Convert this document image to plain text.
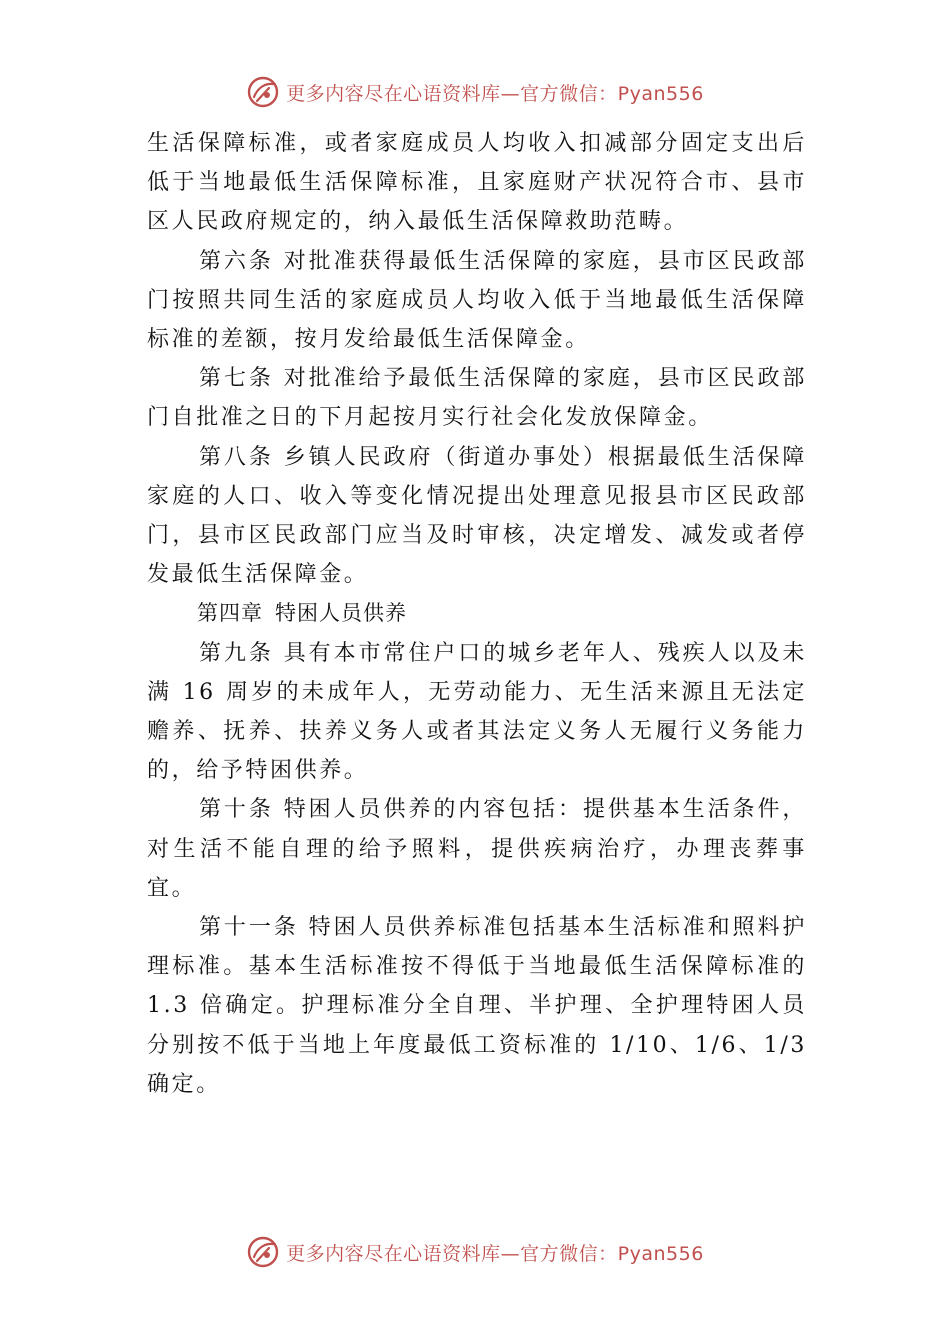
更多内容尽在心语资料库—官方微信：Pyan556

生活保障标准，或者家庭成员人均收入扣减部分固定支出后低于当地最低生活保障标准，且家庭财产状况符合市、县市区人民政府规定的，纳入最低生活保障救助范畴。

第六条 对批准获得最低生活保障的家庭，县市区民政部门按照共同生活的家庭成员人均收入低于当地最低生活保障标准的差额，按月发给最低生活保障金。

第七条 对批准给予最低生活保障的家庭，县市区民政部门自批准之日的下月起按月实行社会化发放保障金。

第八条 乡镇人民政府（街道办事处）根据最低生活保障家庭的人口、收入等变化情况提出处理意见报县市区民政部门，县市区民政部门应当及时审核，决定增发、减发或者停发最低生活保障金。

第四章 特困人员供养

第九条 具有本市常住户口的城乡老年人、残疾人以及未满 16 周岁的未成年人，无劳动能力、无生活来源且无法定赡养、抚养、扶养义务人或者其法定义务人无履行义务能力的，给予特困供养。

第十条 特困人员供养的内容包括：提供基本生活条件，对生活不能自理的给予照料，提供疾病治疗，办理丧葬事宜。

第十一条 特困人员供养标准包括基本生活标准和照料护理标准。基本生活标准按不得低于当地最低生活保障标准的 1.3 倍确定。护理标准分全自理、半护理、全护理特困人员分别按不低于当地上年度最低工资标准的 1/10、1/6、1/3 确定。

更多内容尽在心语资料库—官方微信：Pyan556
